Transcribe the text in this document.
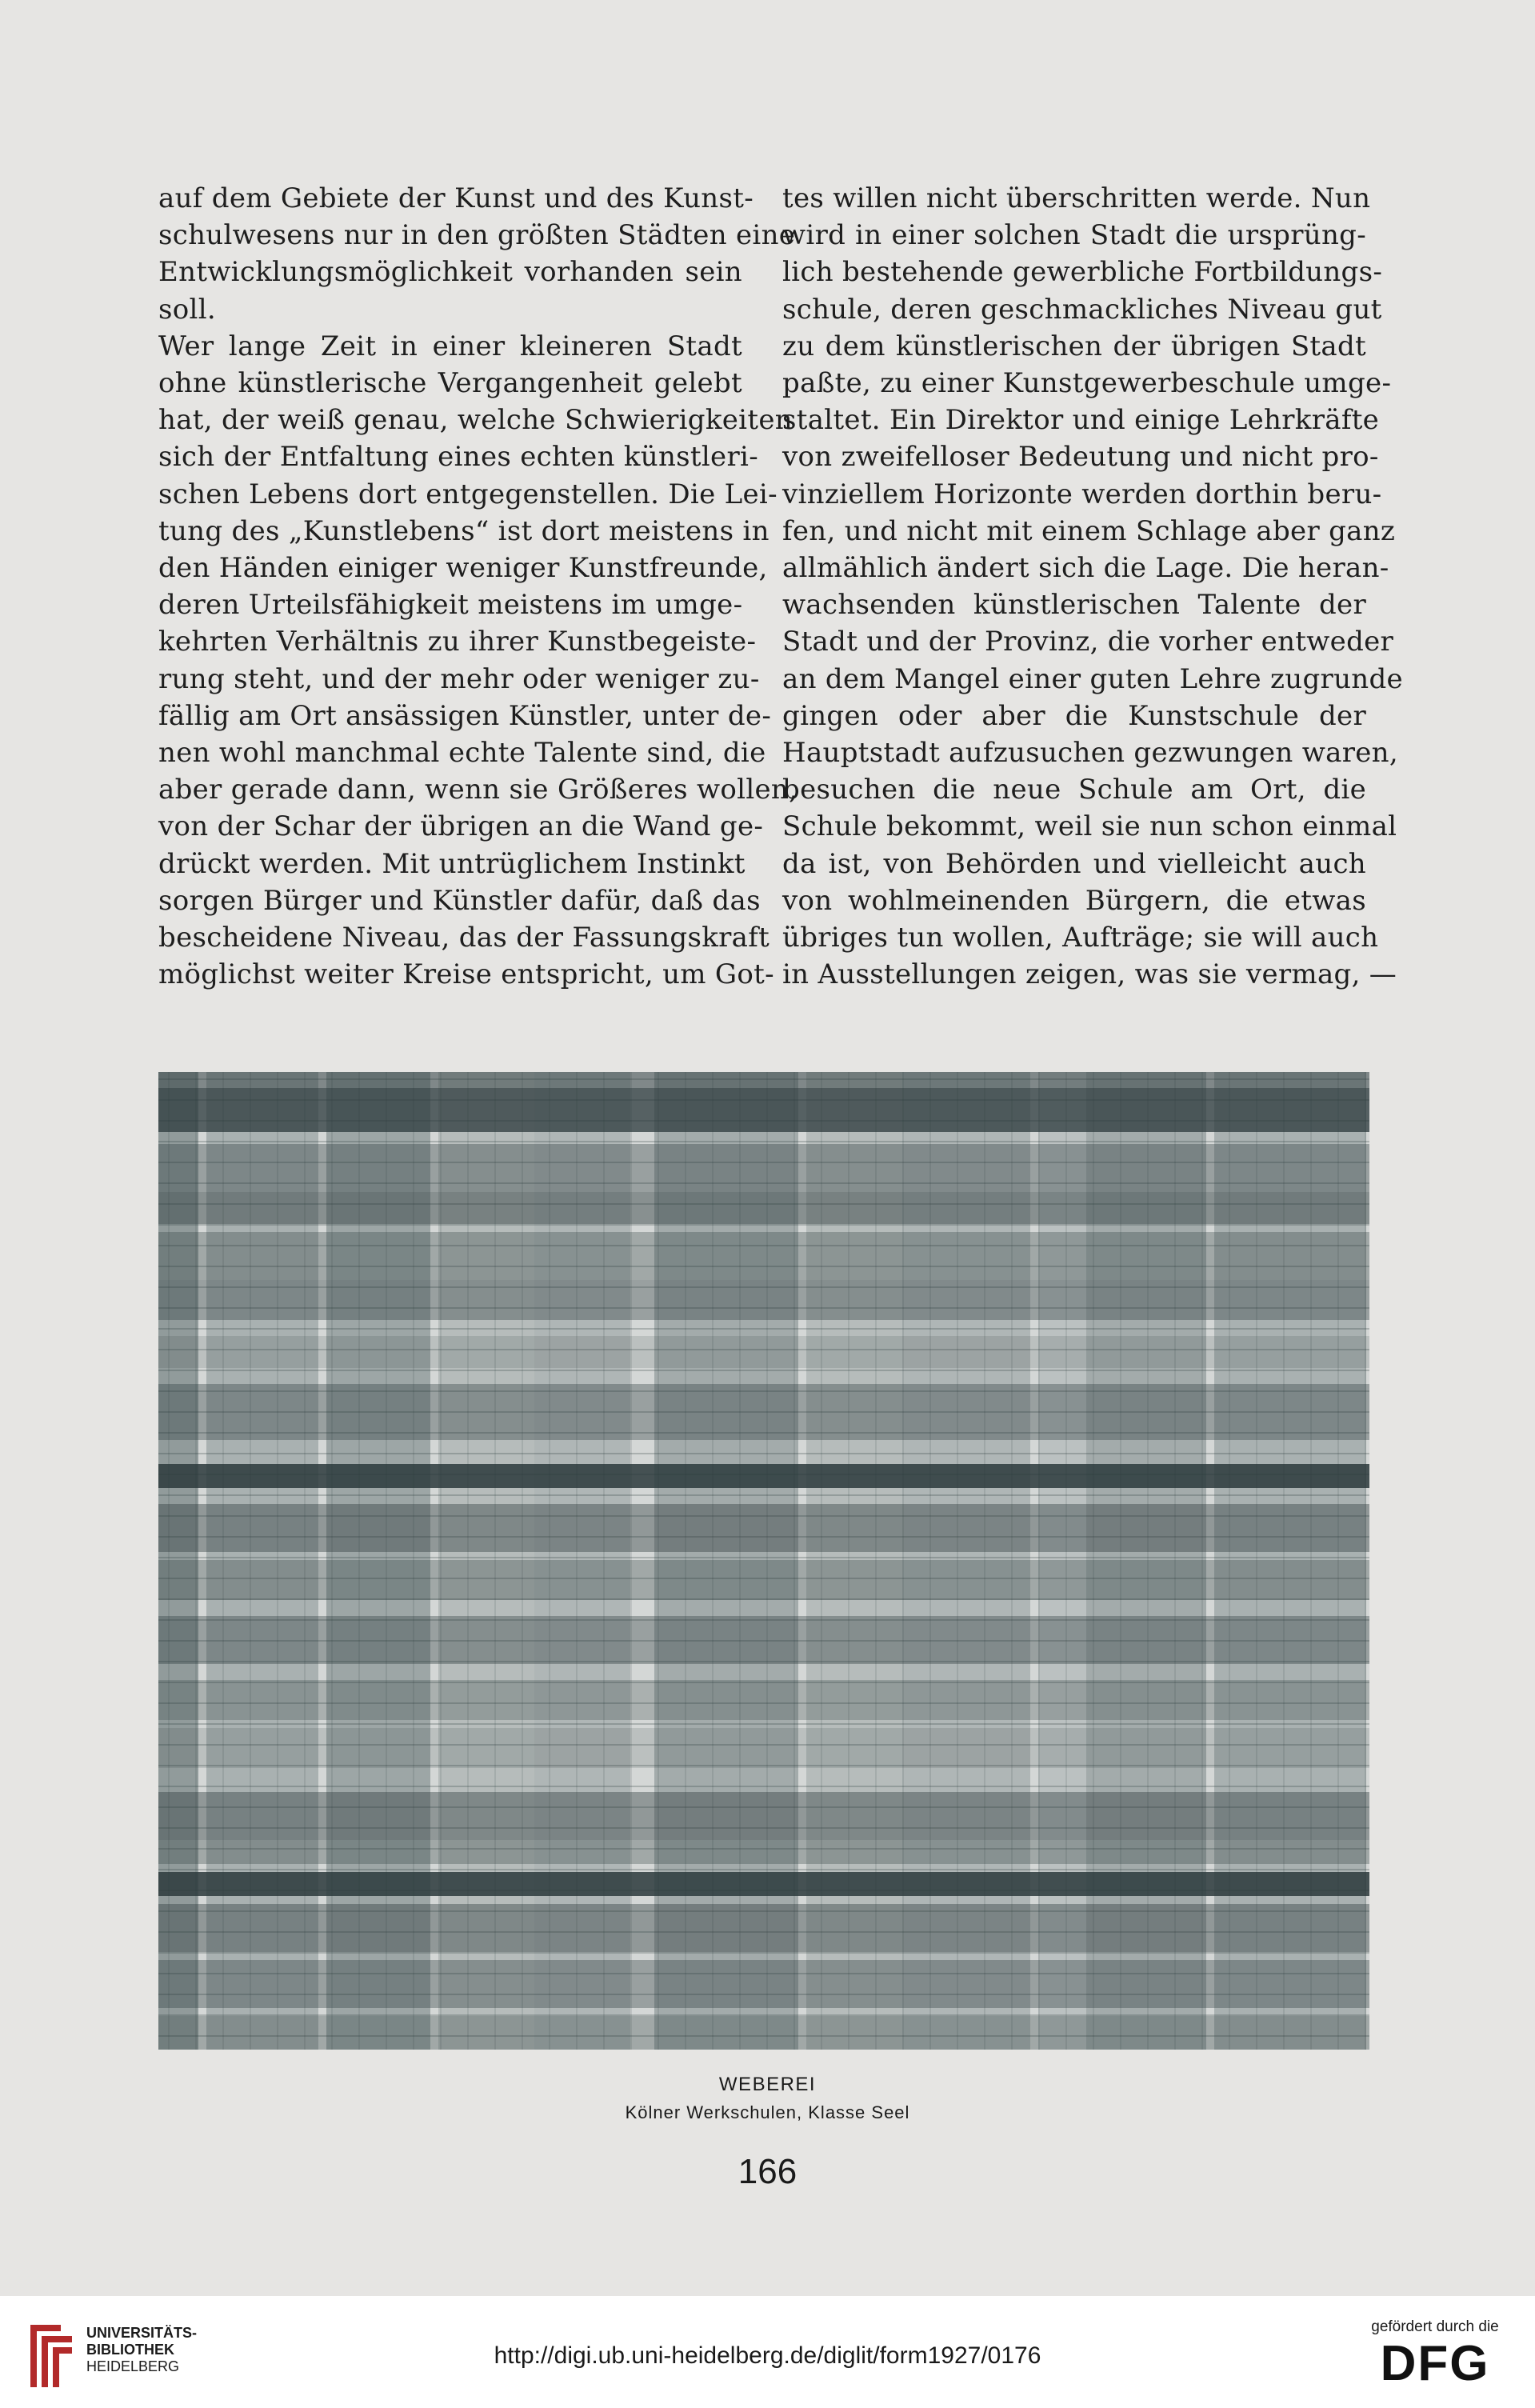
auf dem Gebiete der Kunst und des Kunst-
schulwesens nur in den größten Städten eine
Entwicklungsmöglichkeit vorhanden sein
soll.
Wer lange Zeit in einer kleineren Stadt
ohne künstlerische Vergangenheit gelebt
hat, der weiß genau, welche Schwierigkeiten
sich der Entfaltung eines echten künstleri-
schen Lebens dort entgegenstellen. Die Lei-
tung des „Kunstlebens“ ist dort meistens in
den Händen einiger weniger Kunstfreunde,
deren Urteilsfähigkeit meistens im umge-
kehrten Verhältnis zu ihrer Kunstbegeiste-
rung steht, und der mehr oder weniger zu-
fällig am Ort ansässigen Künstler, unter de-
nen wohl manchmal echte Talente sind, die
aber gerade dann, wenn sie Größeres wollen,
von der Schar der übrigen an die Wand ge-
drückt werden. Mit untrüglichem Instinkt
sorgen Bürger und Künstler dafür, daß das
bescheidene Niveau, das der Fassungskraft
möglichst weiter Kreise entspricht, um Got-
tes willen nicht überschritten werde. Nun
wird in einer solchen Stadt die ursprüng-
lich bestehende gewerbliche Fortbildungs-
schule, deren geschmackliches Niveau gut
zu dem künstlerischen der übrigen Stadt
paßte, zu einer Kunstgewerbeschule umge-
staltet. Ein Direktor und einige Lehrkräfte
von zweifelloser Bedeutung und nicht pro-
vinziellem Horizonte werden dorthin beru-
fen, und nicht mit einem Schlage aber ganz
allmählich ändert sich die Lage. Die heran-
wachsenden künstlerischen Talente der
Stadt und der Provinz, die vorher entweder
an dem Mangel einer guten Lehre zugrunde
gingen oder aber die Kunstschule der
Hauptstadt aufzusuchen gezwungen waren,
besuchen die neue Schule am Ort, die
Schule bekommt, weil sie nun schon einmal
da ist, von Behörden und vielleicht auch
von wohlmeinenden Bürgern, die etwas
übriges tun wollen, Aufträge; sie will auch
in Ausstellungen zeigen, was sie vermag, —
WEBEREI
Kölner Werkschulen, Klasse Seel
166
UNIVERSITÄTS-
BIBLIOTHEK
HEIDELBERG	http://digi.ub.uni-heidelberg.de/diglit/form1927/0176
gefördert durch die
DFG
